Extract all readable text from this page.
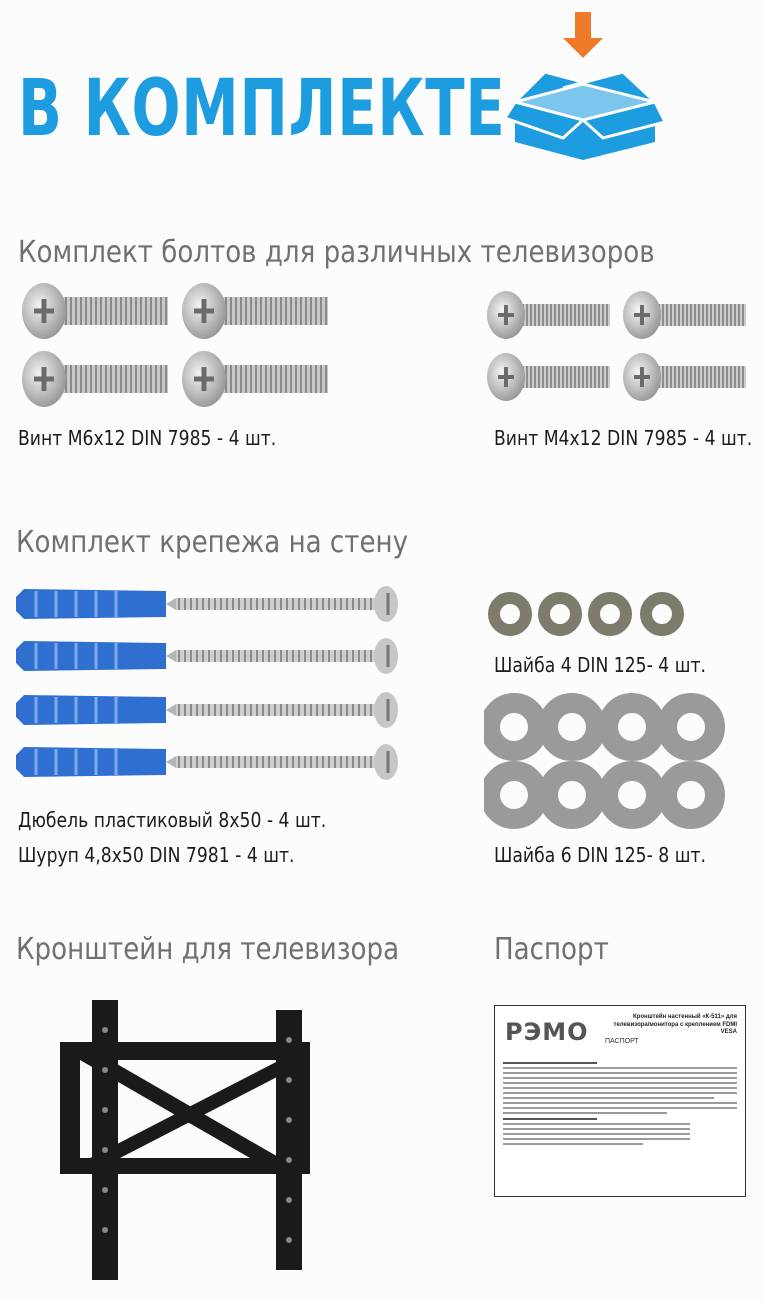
В КОМПЛЕКТЕ
Комплект болтов для различных телевизоров
Винт М6х12 DIN 7985 - 4 шт.	Винт М4х12 DIN 7985 - 4 шт.
Комплект крепежа на стену
Дюбель пластиковый 8х50 - 4 шт.
Шуруп 4,8х50 DIN 7981 - 4 шт.
Шайба 4 DIN 125- 4 шт.
Шайба 6 DIN 125- 8 шт.
Кронштейн для телевизора	Паспорт
РЭМО
Кронштейн настенный «К-511» для телевизора/монитора с креплением FDMI VESA
ПАСПОРТ
